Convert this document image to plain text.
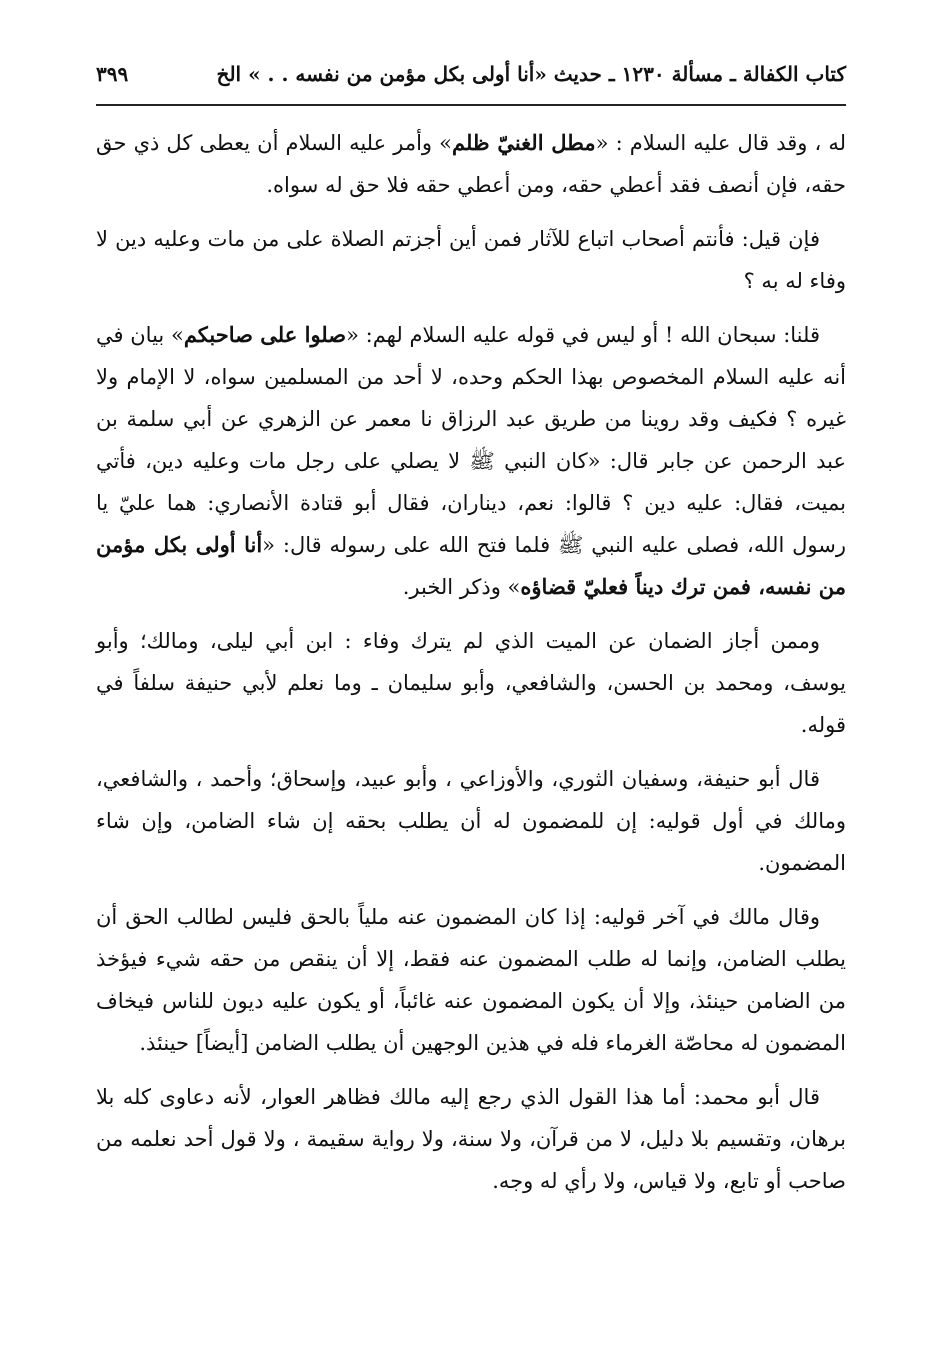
كتاب الكفالة ـ مسألة ١٢٣٠ ـ حديث «أنا أولى بكل مؤمن من نفسه . . » الخ
٣٩٩

له ، وقد قال عليه السلام : «مطل الغنيّ ظلم» وأمر عليه السلام أن يعطى كل ذي حق حقه، فإن أنصف فقد أعطي حقه، ومن أعطي حقه فلا حق له سواه.

فإن قيل: فأنتم أصحاب اتباع للآثار فمن أين أجزتم الصلاة على من مات وعليه دين لا وفاء له به ؟

قلنا: سبحان الله ! أو ليس في قوله عليه السلام لهم: «صلوا على صاحبكم» بيان في أنه عليه السلام المخصوص بهذا الحكم وحده، لا أحد من المسلمين سواه، لا الإمام ولا غيره ؟ فكيف وقد روينا من طريق عبد الرزاق نا معمر عن الزهري عن أبي سلمة بن عبد الرحمن عن جابر قال: «كان النبي ﷺ لا يصلي على رجل مات وعليه دين، فأتي بميت، فقال: عليه دين ؟ قالوا: نعم، ديناران، فقال أبو قتادة الأنصاري: هما عليّ يا رسول الله، فصلى عليه النبي ﷺ فلما فتح الله على رسوله قال: «أنا أولى بكل مؤمن من نفسه، فمن ترك ديناً فعليّ قضاؤه» وذكر الخبر.

وممن أجاز الضمان عن الميت الذي لم يترك وفاء : ابن أبي ليلى، ومالك؛ وأبو يوسف، ومحمد بن الحسن، والشافعي، وأبو سليمان ـ وما نعلم لأبي حنيفة سلفاً في قوله.

قال أبو حنيفة، وسفيان الثوري، والأوزاعي ، وأبو عبيد، وإسحاق؛ وأحمد ، والشافعي، ومالك في أول قوليه: إن للمضمون له أن يطلب بحقه إن شاء الضامن، وإن شاء المضمون.

وقال مالك في آخر قوليه: إذا كان المضمون عنه ملياً بالحق فليس لطالب الحق أن يطلب الضامن، وإنما له طلب المضمون عنه فقط، إلا أن ينقص من حقه شيء فيؤخذ من الضامن حينئذ، وإلا أن يكون المضمون عنه غائباً، أو يكون عليه ديون للناس فيخاف المضمون له محاصّة الغرماء فله في هذين الوجهين أن يطلب الضامن [أيضاً] حينئذ.

قال أبو محمد: أما هذا القول الذي رجع إليه مالك فظاهر العوار، لأنه دعاوى كله بلا برهان، وتقسيم بلا دليل، لا من قرآن، ولا سنة، ولا رواية سقيمة ، ولا قول أحد نعلمه من صاحب أو تابع، ولا قياس، ولا رأي له وجه.
